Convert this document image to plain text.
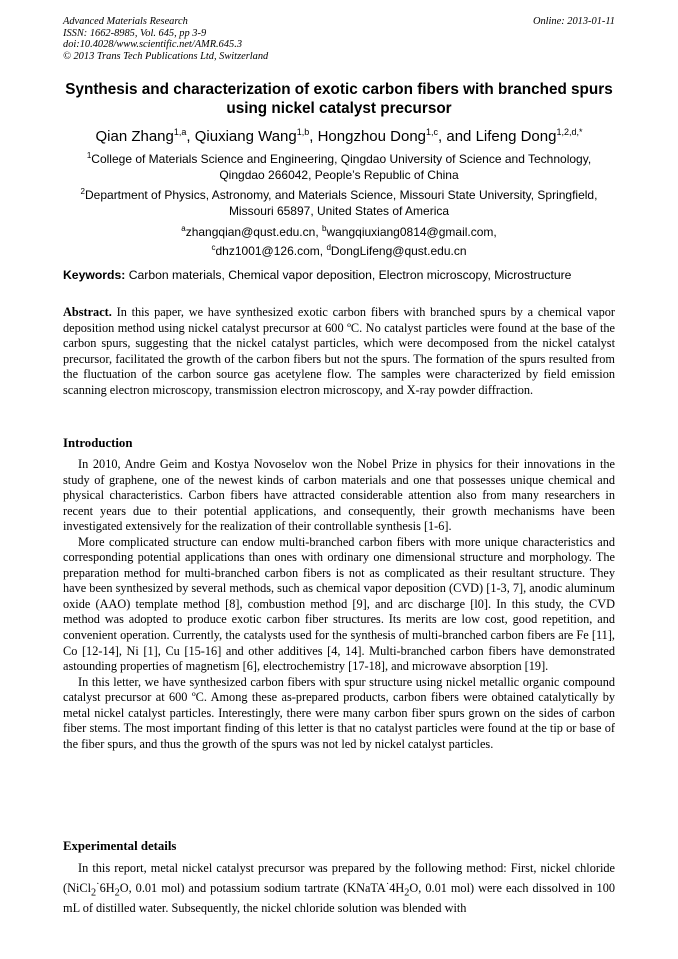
Advanced Materials Research
ISSN: 1662-8985, Vol. 645, pp 3-9
doi:10.4028/www.scientific.net/AMR.645.3
© 2013 Trans Tech Publications Ltd, Switzerland
Online: 2013-01-11
Synthesis and characterization of exotic carbon fibers with branched spurs using nickel catalyst precursor
Qian Zhang$^{1,a}$, Qiuxiang Wang$^{1,b}$, Hongzhou Dong$^{1,c}$, and Lifeng Dong$^{1,2,d,*}$
$^1$College of Materials Science and Engineering, Qingdao University of Science and Technology, Qingdao 266042, People’s Republic of China
$^2$Department of Physics, Astronomy, and Materials Science, Missouri State University, Springfield, Missouri 65897, United States of America
$^a$zhangqian@qust.edu.cn, $^b$wangqiuxiang0814@gmail.com,
$^c$dhz1001@126.com, $^d$DongLifeng@qust.edu.cn
Keywords: Carbon materials, Chemical vapor deposition, Electron microscopy, Microstructure
Abstract. In this paper, we have synthesized exotic carbon fibers with branched spurs by a chemical vapor deposition method using nickel catalyst precursor at 600 ºC. No catalyst particles were found at the base of the carbon spurs, suggesting that the nickel catalyst particles, which were decomposed from the nickel catalyst precursor, facilitated the growth of the carbon fibers but not the spurs. The formation of the spurs resulted from the fluctuation of the carbon source gas acetylene flow. The samples were characterized by field emission scanning electron microscopy, transmission electron microscopy, and X-ray powder diffraction.
Introduction

In 2010, Andre Geim and Kostya Novoselov won the Nobel Prize in physics for their innovations in the study of graphene, one of the newest kinds of carbon materials and one that possesses unique chemical and physical characteristics. Carbon fibers have attracted considerable attention also from many researchers in recent years due to their potential applications, and consequently, their growth mechanisms have been investigated extensively for the realization of their controllable synthesis [1-6].

More complicated structure can endow multi-branched carbon fibers with more unique characteristics and corresponding potential applications than ones with ordinary one dimensional structure and morphology. The preparation method for multi-branched carbon fibers is not as complicated as their resultant structure. They have been synthesized by several methods, such as chemical vapor deposition (CVD) [1-3, 7], anodic aluminum oxide (AAO) template method [8], combustion method [9], and arc discharge [l0]. In this study, the CVD method was adopted to produce exotic carbon fiber structures. Its merits are low cost, good repetition, and convenient operation. Currently, the catalysts used for the synthesis of multi-branched carbon fibers are Fe [11], Co [12-14], Ni [1], Cu [15-16] and other additives [4, 14]. Multi-branched carbon fibers have demonstrated astounding properties of magnetism [6], electrochemistry [17-18], and microwave absorption [19].

In this letter, we have synthesized carbon fibers with spur structure using nickel metallic organic compound catalyst precursor at 600 ºC. Among these as-prepared products, carbon fibers were obtained catalytically by metal nickel catalyst particles. Interestingly, there were many carbon fiber spurs grown on the sides of carbon fiber stems. The most important finding of this letter is that no catalyst particles were found at the tip or base of the fiber spurs, and thus the growth of the spurs was not led by nickel catalyst particles.

Experimental details

In this report, metal nickel catalyst precursor was prepared by the following method: First, nickel chloride ($NiCl_2^\cdot 6H_2O$, 0.01 mol) and potassium sodium tartrate ($KNaTA^\cdot 4H_2O$, 0.01 mol) were each dissolved in 100 mL of distilled water. Subsequently, the nickel chloride solution was blended with
